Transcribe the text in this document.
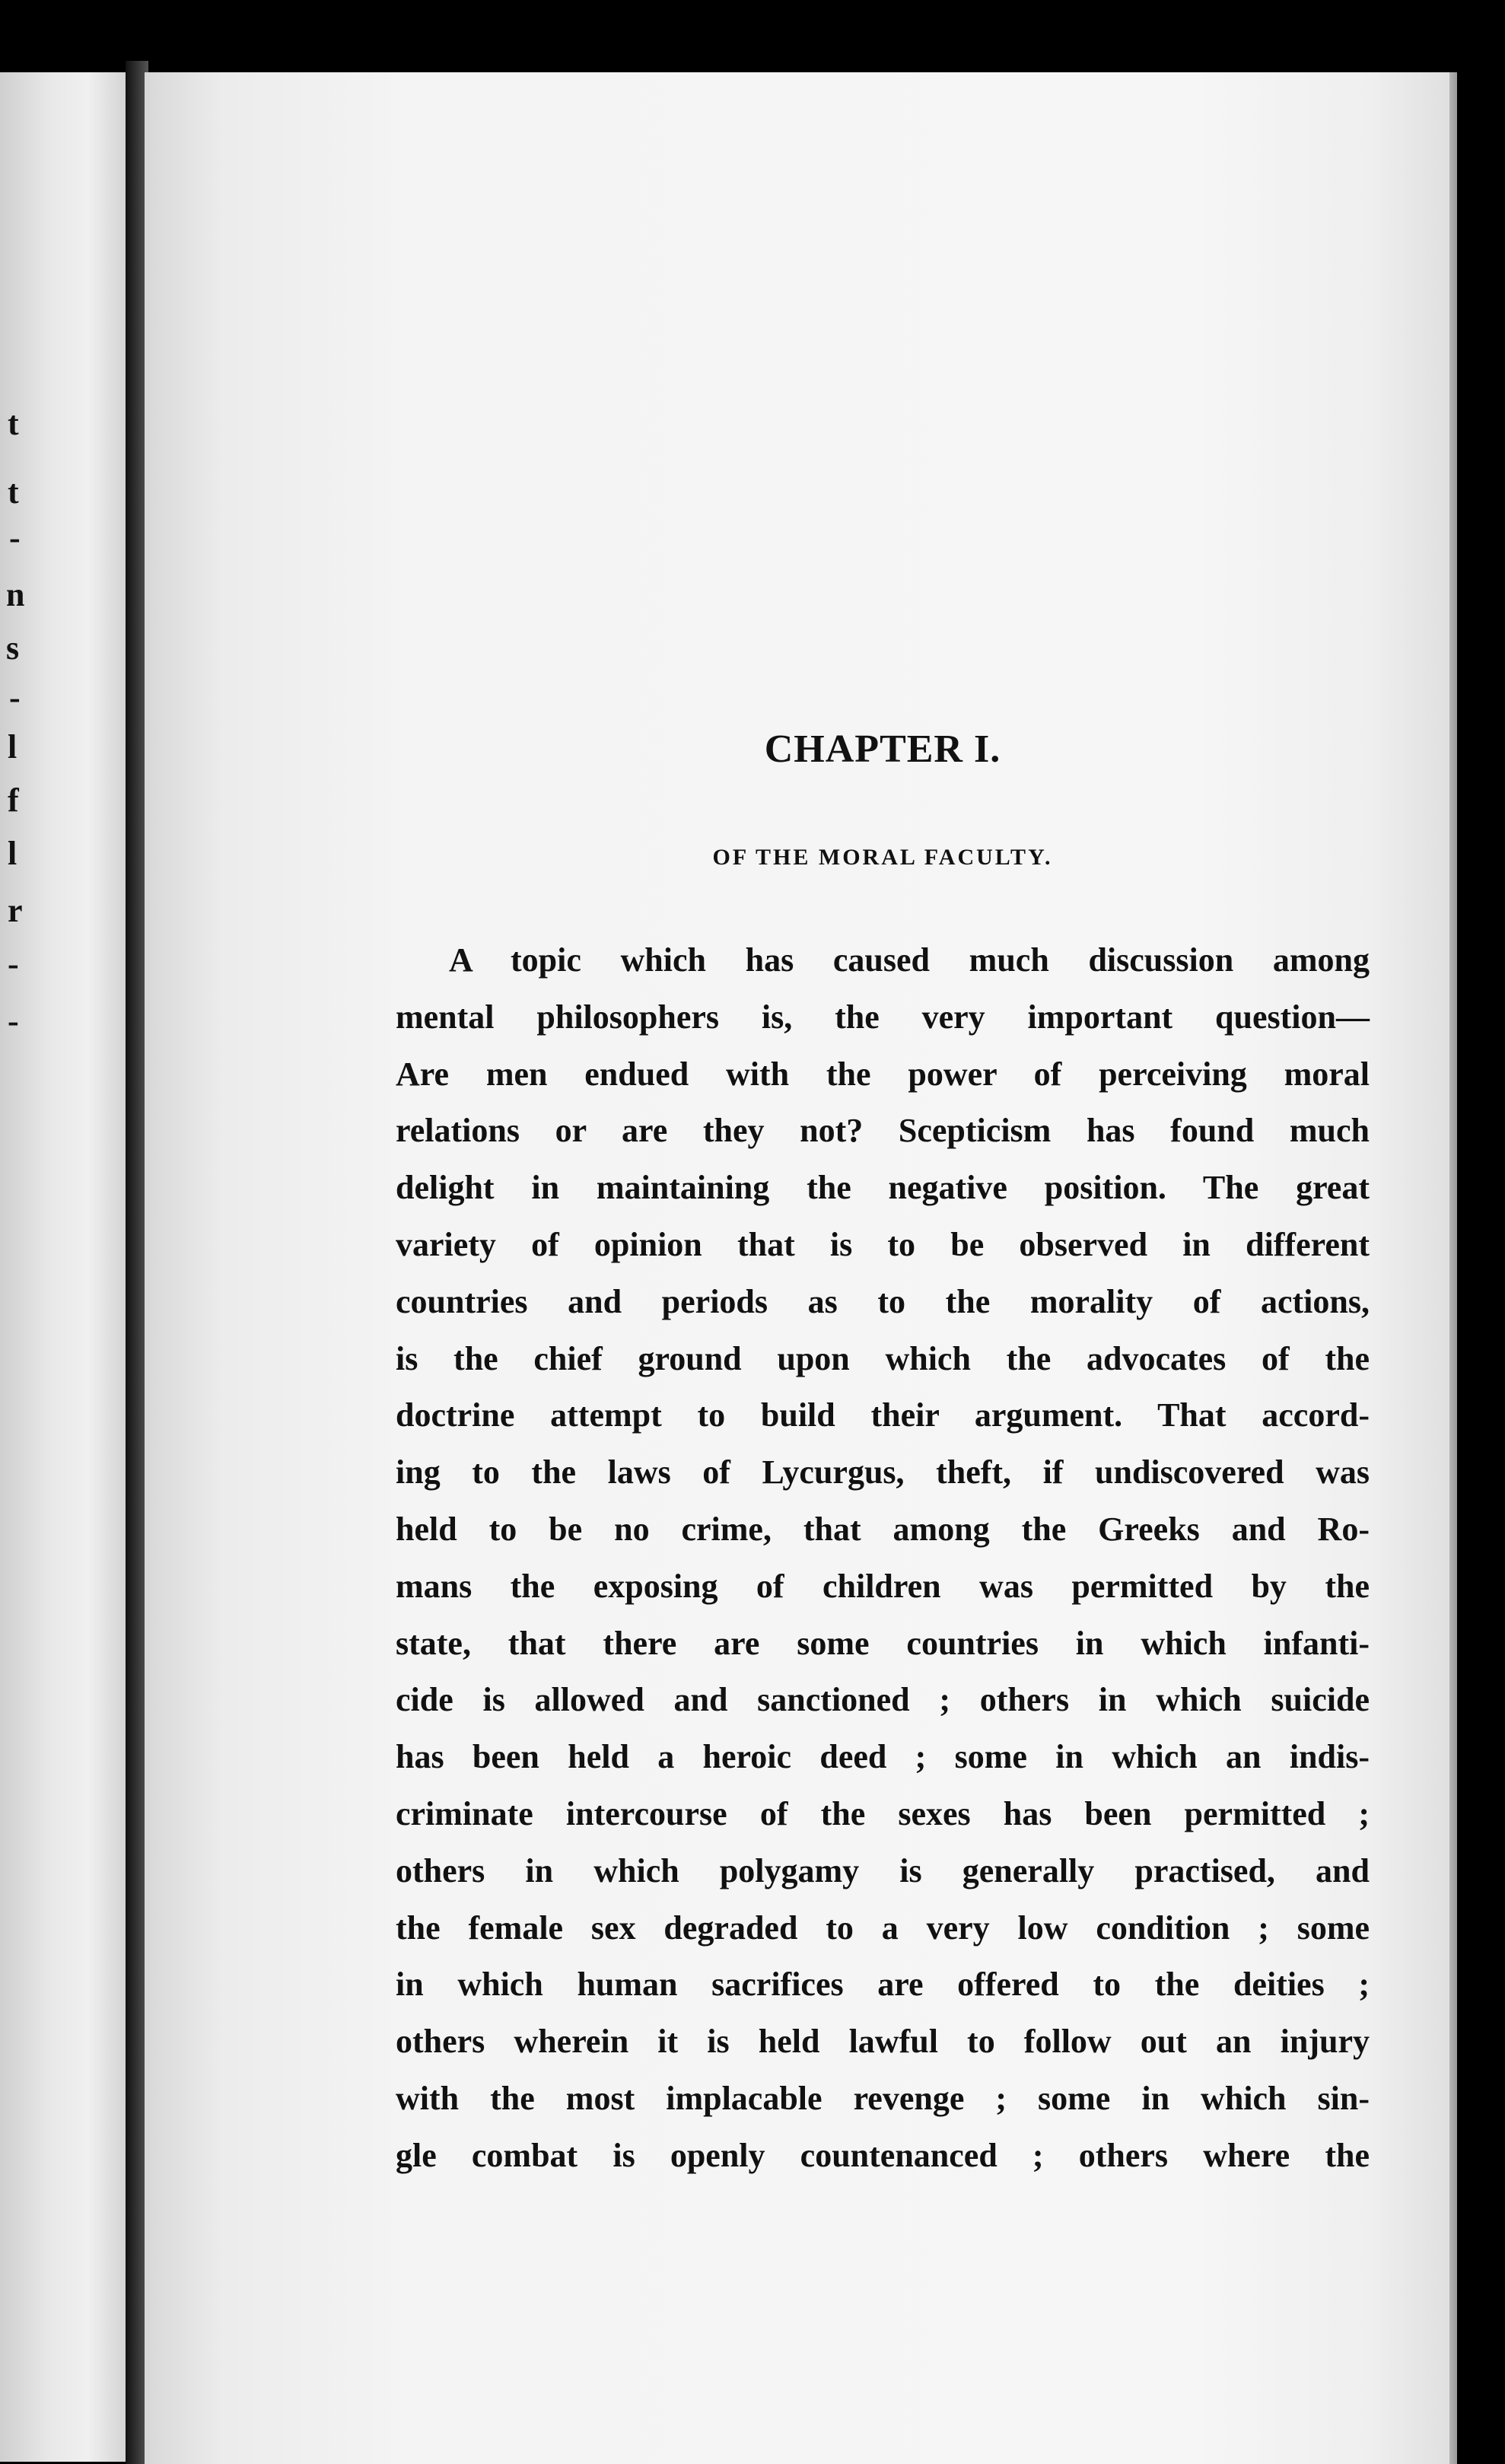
t
t
-
n
s
-
l
f
l
r
-
-
CHAPTER I.
OF THE MORAL FACULTY.
A topic which has caused much discussion among
mental philosophers is, the very important question—
Are men endued with the power of perceiving moral
relations or are they not? Scepticism has found much
delight in maintaining the negative position. The great
variety of opinion that is to be observed in different
countries and periods as to the morality of actions,
is the chief ground upon which the advocates of the
doctrine attempt to build their argument. That accord-
ing to the laws of Lycurgus, theft, if undiscovered was
held to be no crime, that among the Greeks and Ro-
mans the exposing of children was permitted by the
state, that there are some countries in which infanti-
cide is allowed and sanctioned ; others in which suicide
has been held a heroic deed ; some in which an indis-
criminate intercourse of the sexes has been permitted ;
others in which polygamy is generally practised, and
the female sex degraded to a very low condition ; some
in which human sacrifices are offered to the deities ;
others wherein it is held lawful to follow out an injury
with the most implacable revenge ; some in which sin-
gle combat is openly countenanced ; others where the
